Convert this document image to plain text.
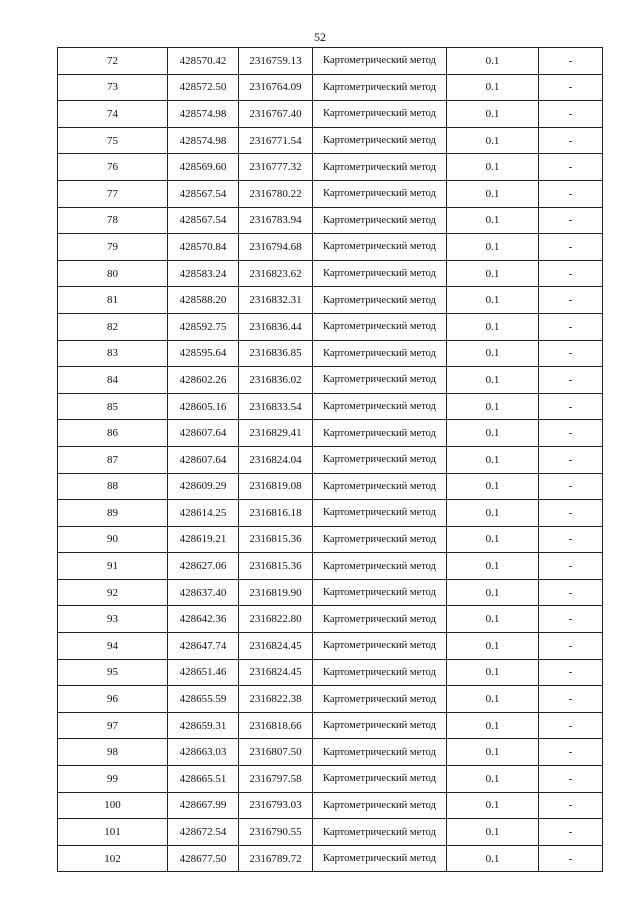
52
72	428570.42	2316759.13	Картометрический метод	0.1	-
73	428572.50	2316764.09	Картометрический метод	0.1	-
74	428574.98	2316767.40	Картометрический метод	0.1	-
75	428574.98	2316771.54	Картометрический метод	0.1	-
76	428569.60	2316777.32	Картометрический метод	0.1	-
77	428567.54	2316780.22	Картометрический метод	0.1	-
78	428567.54	2316783.94	Картометрический метод	0.1	-
79	428570.84	2316794.68	Картометрический метод	0.1	-
80	428583.24	2316823.62	Картометрический метод	0.1	-
81	428588.20	2316832.31	Картометрический метод	0.1	-
82	428592.75	2316836.44	Картометрический метод	0.1	-
83	428595.64	2316836.85	Картометрический метод	0.1	-
84	428602.26	2316836.02	Картометрический метод	0.1	-
85	428605.16	2316833.54	Картометрический метод	0.1	-
86	428607.64	2316829.41	Картометрический метод	0.1	-
87	428607.64	2316824.04	Картометрический метод	0.1	-
88	428609.29	2316819.08	Картометрический метод	0.1	-
89	428614.25	2316816.18	Картометрический метод	0.1	-
90	428619.21	2316815.36	Картометрический метод	0.1	-
91	428627.06	2316815.36	Картометрический метод	0.1	-
92	428637.40	2316819.90	Картометрический метод	0.1	-
93	428642.36	2316822.80	Картометрический метод	0.1	-
94	428647.74	2316824.45	Картометрический метод	0.1	-
95	428651.46	2316824.45	Картометрический метод	0.1	-
96	428655.59	2316822.38	Картометрический метод	0.1	-
97	428659.31	2316818.66	Картометрический метод	0.1	-
98	428663.03	2316807.50	Картометрический метод	0.1	-
99	428665.51	2316797.58	Картометрический метод	0.1	-
100	428667.99	2316793.03	Картометрический метод	0.1	-
101	428672.54	2316790.55	Картометрический метод	0.1	-
102	428677.50	2316789.72	Картометрический метод	0.1	-
